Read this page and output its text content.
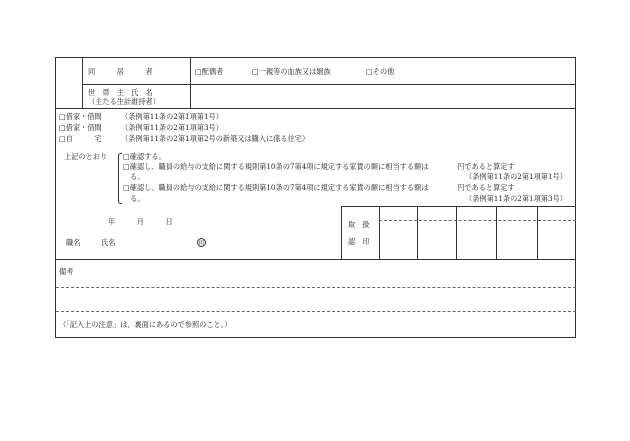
同　　　居　　　者	□配偶者	□一親等の血族又は姻族	□その他
世　帯　主　氏　名
（主たる生計維持者）
□借家・借間	（条例第11条の2第1項第1号）
□借家・借間	（条例第11条の2第1項第3号）
□自　　　宅	（条例第11条の2第1項第2号の新築又は購入に係る住宅）
上記のとおり □確認する。
□確認し、職員の給与の支給に関する規則第10条の7第4項に規定する家賃の額に相当する額は　　　　円であると算定す
る。	（条例第11条の2第1項第1号）
□確認し、職員の給与の支給に関する規則第10条の7第4項に規定する家賃の額に相当する額は　　　　円であると算定す
る。	（条例第11条の2第1項第3号）
取　扱
認　印
年　　　月　　　日
職名	氏名	印
備考
（「記入上の注意」は、裏面にあるので参照のこと。）
